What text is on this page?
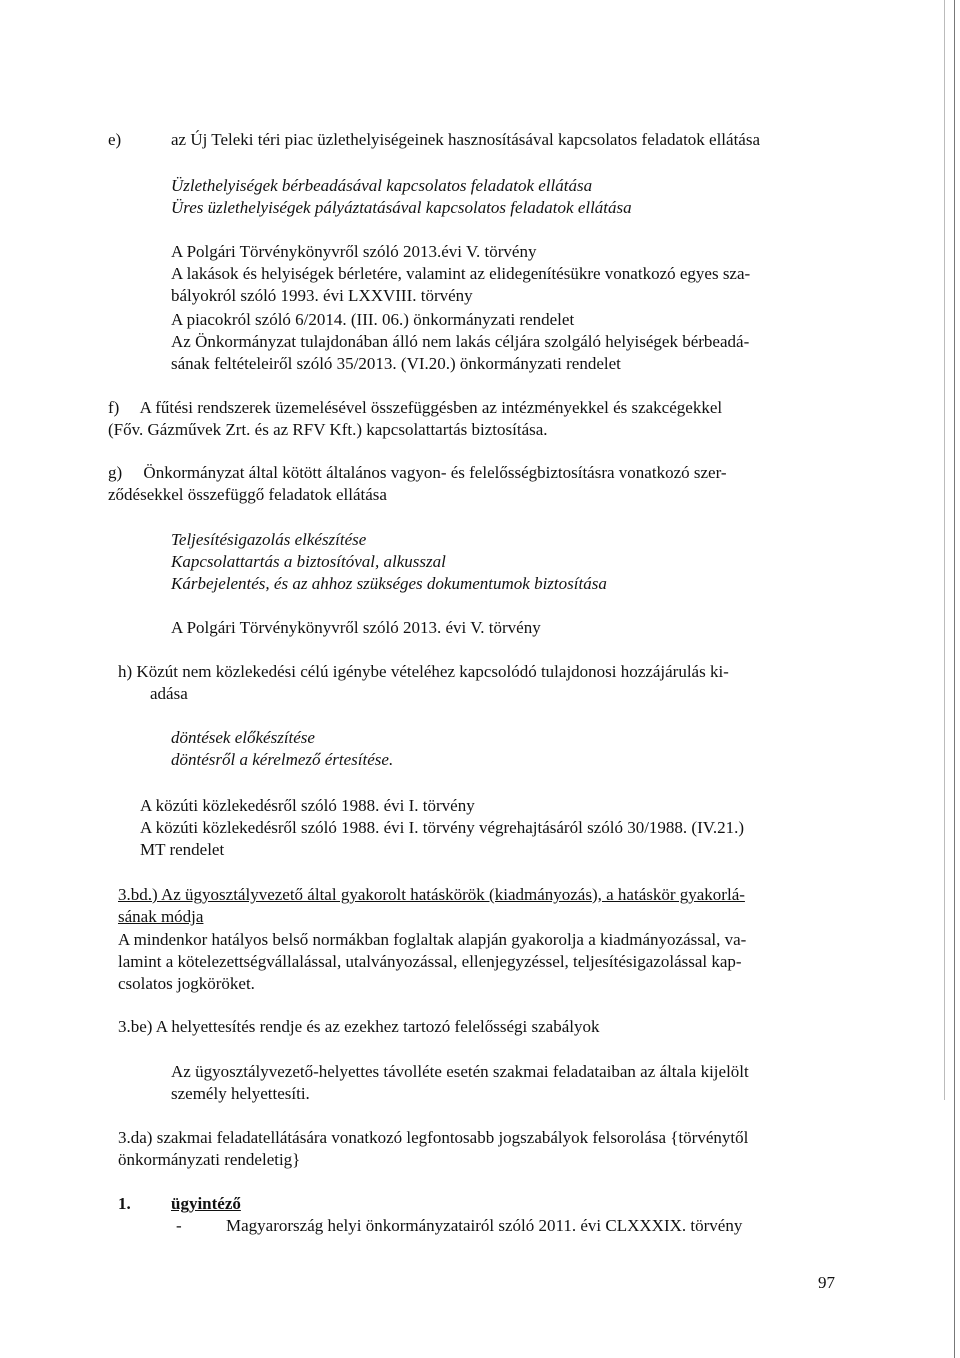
e)	az Új Teleki téri piac üzlethelyiségeinek hasznosításával kapcsolatos feladatok ellátása
Üzlethelyiségek bérbeadásával kapcsolatos feladatok ellátása
Üres üzlethelyiségek pályáztatásával kapcsolatos feladatok ellátása
A Polgári Törvénykönyvről szóló 2013.évi V. törvény
A lakások és helyiségek bérletére, valamint az elidegenítésükre vonatkozó egyes sza-
bályokról szóló 1993. évi LXXVIII. törvény
A piacokról szóló 6/2014. (III. 06.) önkormányzati rendelet
Az Önkormányzat tulajdonában álló nem lakás céljára szolgáló helyiségek bérbeadá-
sának feltételeiről szóló 35/2013. (VI.20.) önkormányzati rendelet
f)     A fűtési rendszerek üzemelésével összefüggésben az intézményekkel és szakcégekkel
(Főv. Gázművek Zrt. és az RFV Kft.) kapcsolattartás biztosítása.
g)     Önkormányzat által kötött általános vagyon- és felelősségbiztosításra vonatkozó szer-
ződésekkel összefüggő feladatok ellátása
Teljesítésigazolás elkészítése
Kapcsolattartás a biztosítóval, alkusszal
Kárbejelentés, és az ahhoz szükséges dokumentumok biztosítása
A Polgári Törvénykönyvről szóló 2013. évi V. törvény
h) Közút nem közlekedési célú igénybe vételéhez kapcsolódó tulajdonosi hozzájárulás ki-
adása
döntések előkészítése
döntésről a kérelmező értesítése.
A közúti közlekedésről szóló 1988. évi I. törvény
A közúti közlekedésről szóló 1988. évi I. törvény végrehajtásáról szóló 30/1988. (IV.21.)
MT rendelet
3.bd.) Az ügyosztályvezető által gyakorolt hatáskörök (kiadmányozás), a hatáskör gyakorlá-
sának módja
A mindenkor hatályos belső normákban foglaltak alapján gyakorolja a kiadmányozással, va-
lamint a kötelezettségvállalással, utalványozással, ellenjegyzéssel, teljesítésigazolással kap-
csolatos jogköröket.
3.be) A helyettesítés rendje és az ezekhez tartozó felelősségi szabályok
Az ügyosztályvezető-helyettes távolléte esetén szakmai feladataiban az általa kijelölt
személy helyettesíti.
3.da) szakmai feladatellátására vonatkozó legfontosabb jogszabályok felsorolása {törvénytől
önkormányzati rendeletig}
1. ügyintéző
-	Magyarország helyi önkormányzatairól szóló 2011. évi CLXXXIX. törvény
97
